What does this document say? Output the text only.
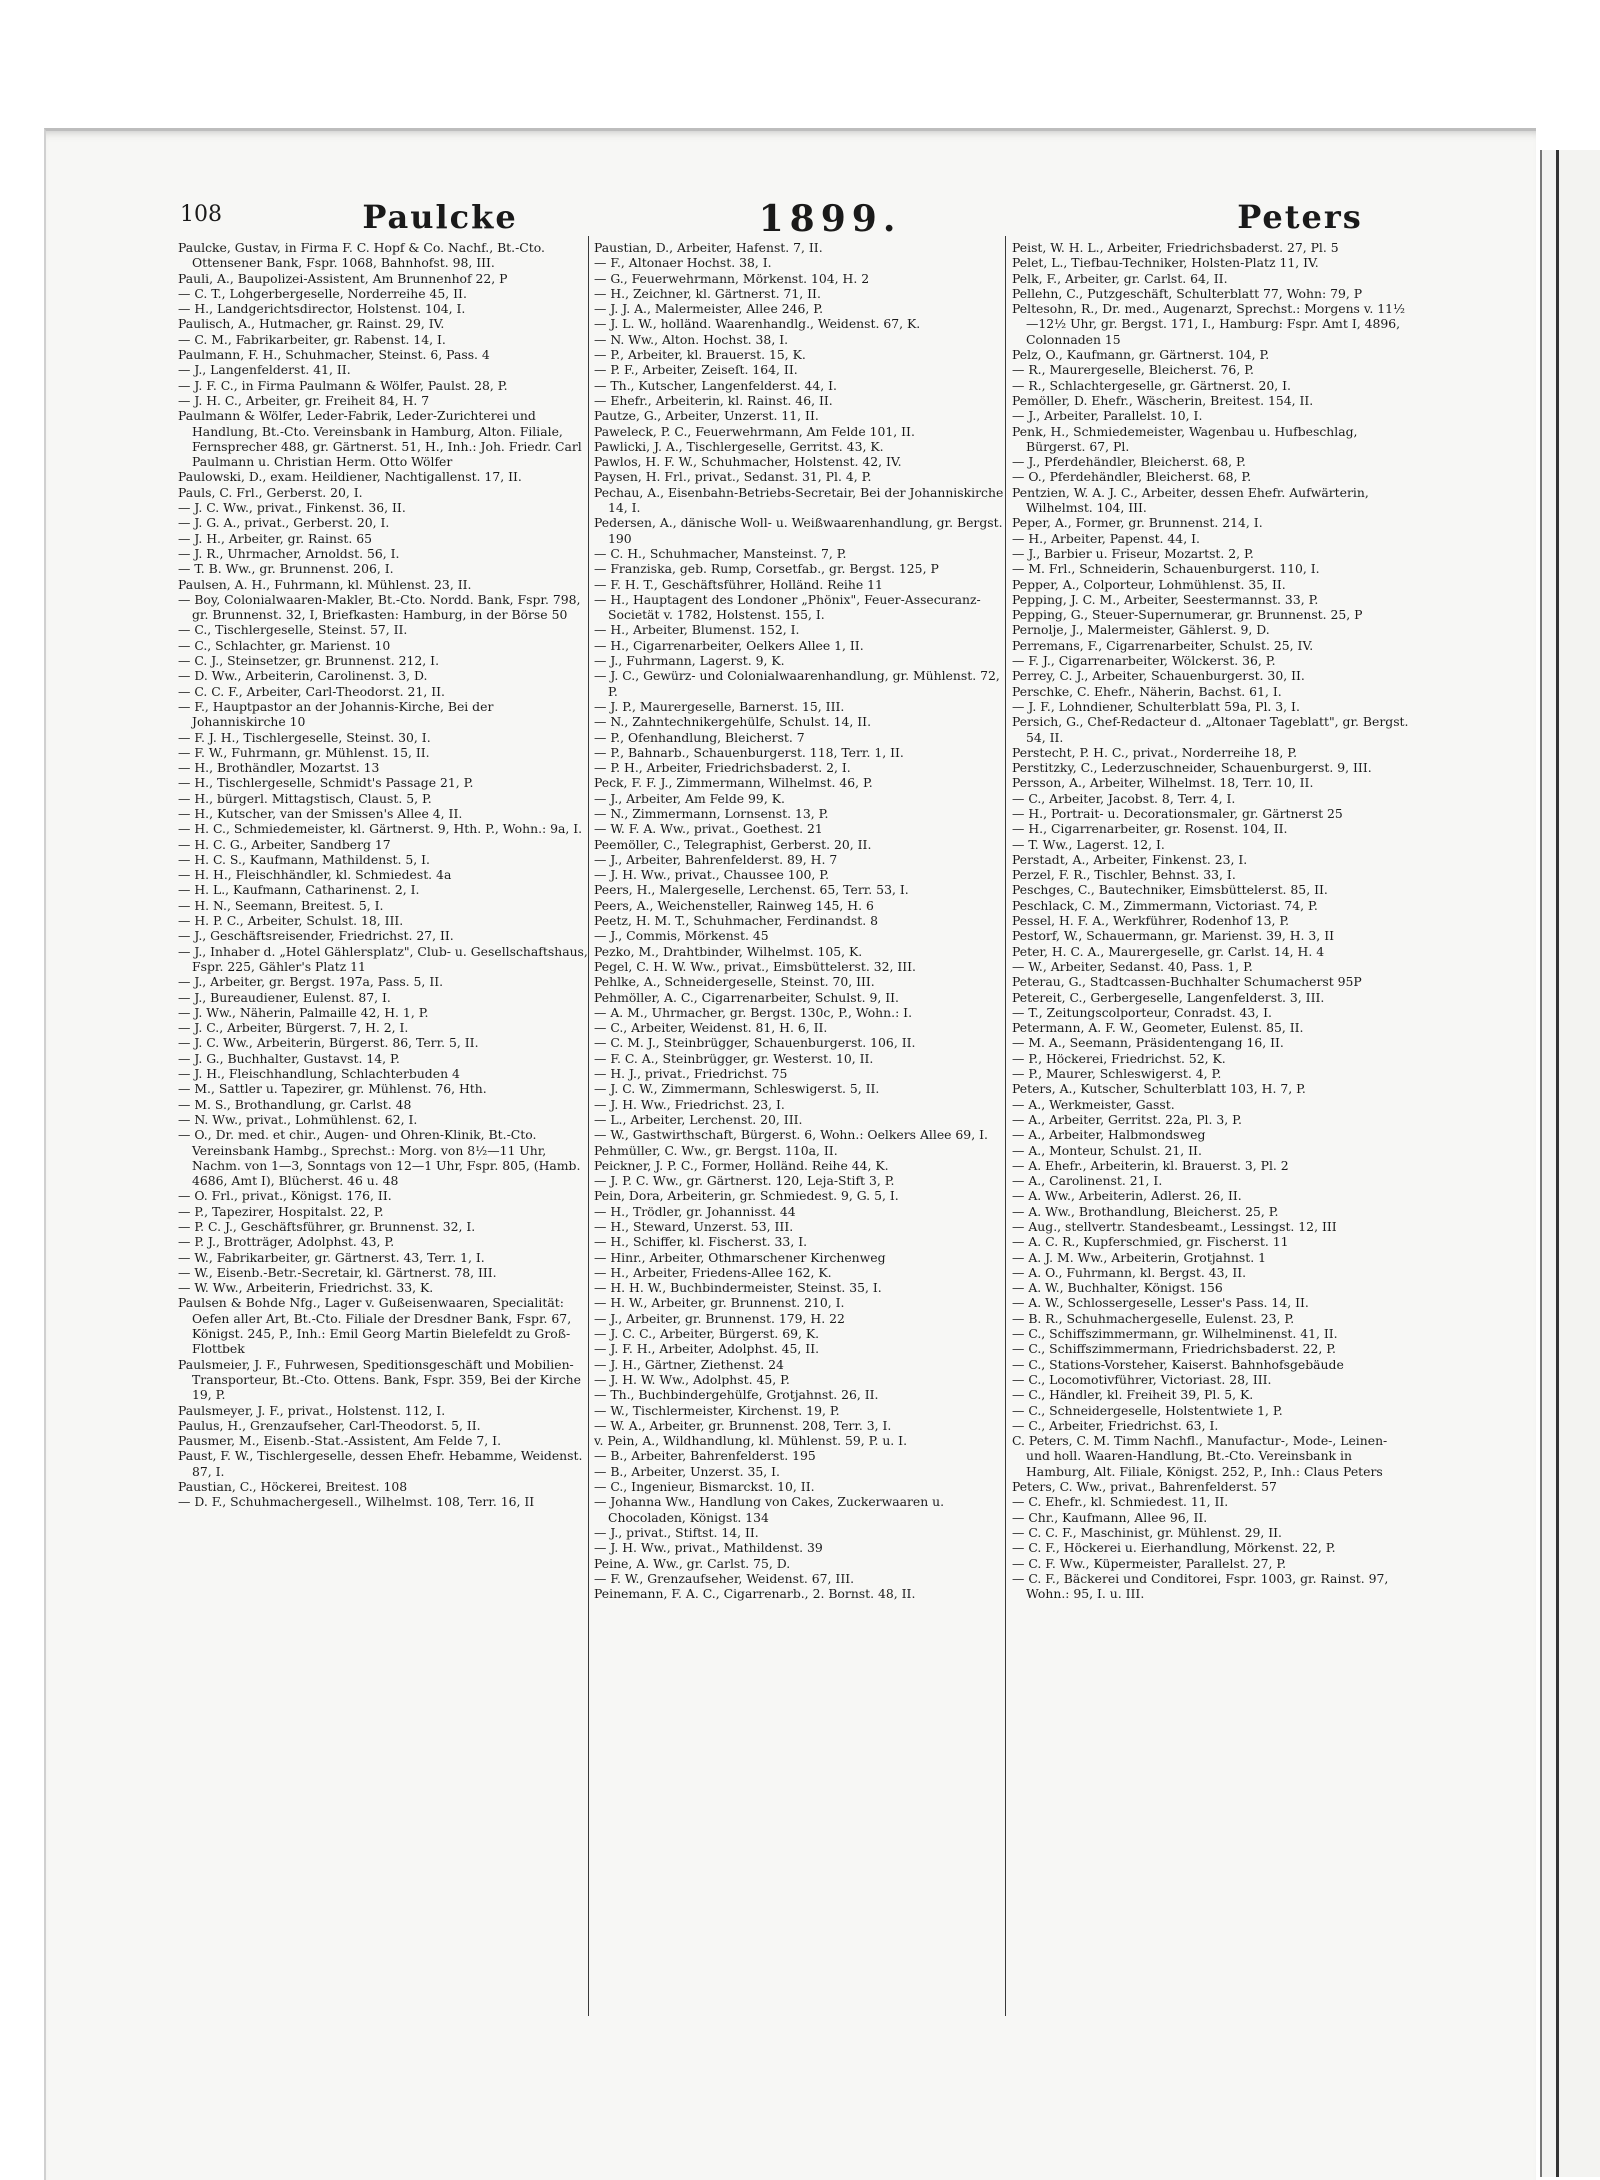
108	Paulcke	1899.	Peters
Paulcke, Gustav, in Firma F. C. Hopf & Co. Nachf., Bt.-Cto. Ottensener Bank, Fspr. 1068, Bahnhofst. 98, III.
Pauli, A., Baupolizei-Assistent, Am Brunnenhof 22, P
— C. T., Lohgerbergeselle, Norderreihe 45, II.
— H., Landgerichtsdirector, Holstenst. 104, I.
Paulisch, A., Hutmacher, gr. Rainst. 29, IV.
— C. M., Fabrikarbeiter, gr. Rabenst. 14, I.
Paulmann, F. H., Schuhmacher, Steinst. 6, Pass. 4
— J., Langenfelderst. 41, II.
— J. F. C., in Firma Paulmann & Wölfer, Paulst. 28, P.
— J. H. C., Arbeiter, gr. Freiheit 84, H. 7
Paulmann & Wölfer, Leder-Fabrik, Leder-Zurichterei und Handlung, Bt.-Cto. Vereinsbank in Hamburg, Alton. Filiale, Fernsprecher 488, gr. Gärtnerst. 51, H., Inh.: Joh. Friedr. Carl Paulmann u. Christian Herm. Otto Wölfer
Paulowski, D., exam. Heildiener, Nachtigallenst. 17, II.
Pauls, C. Frl., Gerberst. 20, I.
— J. C. Ww., privat., Finkenst. 36, II.
— J. G. A., privat., Gerberst. 20, I.
— J. H., Arbeiter, gr. Rainst. 65
— J. R., Uhrmacher, Arnoldst. 56, I.
— T. B. Ww., gr. Brunnenst. 206, I.
Paulsen, A. H., Fuhrmann, kl. Mühlenst. 23, II.
— Boy, Colonialwaaren-Makler, Bt.-Cto. Nordd. Bank, Fspr. 798, gr. Brunnenst. 32, I, Briefkasten: Hamburg, in der Börse 50
— C., Tischlergeselle, Steinst. 57, II.
— C., Schlachter, gr. Marienst. 10
— C. J., Steinsetzer, gr. Brunnenst. 212, I.
— D. Ww., Arbeiterin, Carolinenst. 3, D.
— C. C. F., Arbeiter, Carl-Theodorst. 21, II.
— F., Hauptpastor an der Johannis-Kirche, Bei der Johanniskirche 10
— F. J. H., Tischlergeselle, Steinst. 30, I.
— F. W., Fuhrmann, gr. Mühlenst. 15, II.
— H., Brothändler, Mozartst. 13
— H., Tischlergeselle, Schmidt's Passage 21, P.
— H., bürgerl. Mittagstisch, Claust. 5, P.
— H., Kutscher, van der Smissen's Allee 4, II.
— H. C., Schmiedemeister, kl. Gärtnerst. 9, Hth. P., Wohn.: 9a, I.
— H. C. G., Arbeiter, Sandberg 17
— H. C. S., Kaufmann, Mathildenst. 5, I.
— H. H., Fleischhändler, kl. Schmiedest. 4a
— H. L., Kaufmann, Catharinenst. 2, I.
— H. N., Seemann, Breitest. 5, I.
— H. P. C., Arbeiter, Schulst. 18, III.
— J., Geschäftsreisender, Friedrichst. 27, II.
— J., Inhaber d. „Hotel Gählersplatz", Club- u. Gesellschaftshaus, Fspr. 225, Gähler's Platz 11
— J., Arbeiter, gr. Bergst. 197a, Pass. 5, II.
— J., Bureaudiener, Eulenst. 87, I.
— J. Ww., Näherin, Palmaille 42, H. 1, P.
— J. C., Arbeiter, Bürgerst. 7, H. 2, I.
— J. C. Ww., Arbeiterin, Bürgerst. 86, Terr. 5, II.
— J. G., Buchhalter, Gustavst. 14, P.
— J. H., Fleischhandlung, Schlachterbuden 4
— M., Sattler u. Tapezirer, gr. Mühlenst. 76, Hth.
— M. S., Brothandlung, gr. Carlst. 48
— N. Ww., privat., Lohmühlenst. 62, I.
— O., Dr. med. et chir., Augen- und Ohren-Klinik, Bt.-Cto. Vereinsbank Hambg., Sprechst.: Morg. von 8½—11 Uhr, Nachm. von 1—3, Sonntags von 12—1 Uhr, Fspr. 805, (Hamb. 4686, Amt I), Blücherst. 46 u. 48
— O. Frl., privat., Königst. 176, II.
— P., Tapezirer, Hospitalst. 22, P.
— P. C. J., Geschäftsführer, gr. Brunnenst. 32, I.
— P. J., Brotträger, Adolphst. 43, P.
— W., Fabrikarbeiter, gr. Gärtnerst. 43, Terr. 1, I.
— W., Eisenb.-Betr.-Secretair, kl. Gärtnerst. 78, III.
— W. Ww., Arbeiterin, Friedrichst. 33, K.
Paulsen & Bohde Nfg., Lager v. Gußeisenwaaren, Specialität: Oefen aller Art, Bt.-Cto. Filiale der Dresdner Bank, Fspr. 67, Königst. 245, P., Inh.: Emil Georg Martin Bielefeldt zu Groß-Flottbek
Paulsmeier, J. F., Fuhrwesen, Speditionsgeschäft und Mobilien-Transporteur, Bt.-Cto. Ottens. Bank, Fspr. 359, Bei der Kirche 19, P.
Paulsmeyer, J. F., privat., Holstenst. 112, I.
Paulus, H., Grenzaufseher, Carl-Theodorst. 5, II.
Pausmer, M., Eisenb.-Stat.-Assistent, Am Felde 7, I.
Paust, F. W., Tischlergeselle, dessen Ehefr. Hebamme, Weidenst. 87, I.
Paustian, C., Höckerei, Breitest. 108
— D. F., Schuhmachergesell., Wilhelmst. 108, Terr. 16, II
Paustian, D., Arbeiter, Hafenst. 7, II.
— F., Altonaer Hochst. 38, I.
— G., Feuerwehrmann, Mörkenst. 104, H. 2
— H., Zeichner, kl. Gärtnerst. 71, II.
— J. J. A., Malermeister, Allee 246, P.
— J. L. W., holländ. Waarenhandlg., Weidenst. 67, K.
— N. Ww., Alton. Hochst. 38, I.
— P., Arbeiter, kl. Brauerst. 15, K.
— P. F., Arbeiter, Zeiseſt. 164, II.
— Th., Kutscher, Langenfelderst. 44, I.
— Ehefr., Arbeiterin, kl. Rainst. 46, II.
Pautze, G., Arbeiter, Unzerst. 11, II.
Paweleck, P. C., Feuerwehrmann, Am Felde 101, II.
Pawlicki, J. A., Tischlergeselle, Gerritst. 43, K.
Pawlos, H. F. W., Schuhmacher, Holstenst. 42, IV.
Paysen, H. Frl., privat., Sedanst. 31, Pl. 4, P.
Pechau, A., Eisenbahn-Betriebs-Secretair, Bei der Johanniskirche 14, I.
Pedersen, A., dänische Woll- u. Weißwaarenhandlung, gr. Bergst. 190
— C. H., Schuhmacher, Mansteinst. 7, P.
— Franziska, geb. Rump, Corsetfab., gr. Bergst. 125, P
— F. H. T., Geschäftsführer, Holländ. Reihe 11
— H., Hauptagent des Londoner „Phönix", Feuer-Assecuranz-Societät v. 1782, Holstenst. 155, I.
— H., Arbeiter, Blumenst. 152, I.
— H., Cigarrenarbeiter, Oelkers Allee 1, II.
— J., Fuhrmann, Lagerst. 9, K.
— J. C., Gewürz- und Colonialwaarenhandlung, gr. Mühlenst. 72, P.
— J. P., Maurergeselle, Barnerst. 15, III.
— N., Zahntechnikergehülfe, Schulst. 14, II.
— P., Ofenhandlung, Bleicherst. 7
— P., Bahnarb., Schauenburgerst. 118, Terr. 1, II.
— P. H., Arbeiter, Friedrichsbaderst. 2, I.
Peck, F. F. J., Zimmermann, Wilhelmst. 46, P.
— J., Arbeiter, Am Felde 99, K.
— N., Zimmermann, Lornsenst. 13, P.
— W. F. A. Ww., privat., Goethest. 21
Peemöller, C., Telegraphist, Gerberst. 20, II.
— J., Arbeiter, Bahrenfelderst. 89, H. 7
— J. H. Ww., privat., Chaussee 100, P.
Peers, H., Malergeselle, Lerchenst. 65, Terr. 53, I.
Peers, A., Weichensteller, Rainweg 145, H. 6
Peetz, H. M. T., Schuhmacher, Ferdinandst. 8
— J., Commis, Mörkenst. 45
Pezko, M., Drahtbinder, Wilhelmst. 105, K.
Pegel, C. H. W. Ww., privat., Eimsbüttelerst. 32, III.
Pehlke, A., Schneidergeselle, Steinst. 70, III.
Pehmöller, A. C., Cigarrenarbeiter, Schulst. 9, II.
— A. M., Uhrmacher, gr. Bergst. 130c, P., Wohn.: I.
— C., Arbeiter, Weidenst. 81, H. 6, II.
— C. M. J., Steinbrügger, Schauenburgerst. 106, II.
— F. C. A., Steinbrügger, gr. Westerst. 10, II.
— H. J., privat., Friedrichst. 75
— J. C. W., Zimmermann, Schleswigerst. 5, II.
— J. H. Ww., Friedrichst. 23, I.
— L., Arbeiter, Lerchenst. 20, III.
— W., Gastwirthschaft, Bürgerst. 6, Wohn.: Oelkers Allee 69, I.
Pehmüller, C. Ww., gr. Bergst. 110a, II.
Peickner, J. P. C., Former, Holländ. Reihe 44, K.
— J. P. C. Ww., gr. Gärtnerst. 120, Leja-Stift 3, P.
Pein, Dora, Arbeiterin, gr. Schmiedest. 9, G. 5, I.
— H., Trödler, gr. Johannisst. 44
— H., Steward, Unzerst. 53, III.
— H., Schiffer, kl. Fischerst. 33, I.
— Hinr., Arbeiter, Othmarschener Kirchenweg
— H., Arbeiter, Friedens-Allee 162, K.
— H. H. W., Buchbindermeister, Steinst. 35, I.
— H. W., Arbeiter, gr. Brunnenst. 210, I.
— J., Arbeiter, gr. Brunnenst. 179, H. 22
— J. C. C., Arbeiter, Bürgerst. 69, K.
— J. F. H., Arbeiter, Adolphst. 45, II.
— J. H., Gärtner, Ziethenst. 24
— J. H. W. Ww., Adolphst. 45, P.
— Th., Buchbindergehülfe, Grotjahnst. 26, II.
— W., Tischlermeister, Kirchenst. 19, P.
— W. A., Arbeiter, gr. Brunnenst. 208, Terr. 3, I.
v. Pein, A., Wildhandlung, kl. Mühlenst. 59, P. u. I.
— B., Arbeiter, Bahrenfelderst. 195
— B., Arbeiter, Unzerst. 35, I.
— C., Ingenieur, Bismarckst. 10, II.
— Johanna Ww., Handlung von Cakes, Zuckerwaaren u. Chocoladen, Königst. 134
— J., privat., Stiftst. 14, II.
— J. H. Ww., privat., Mathildenst. 39
Peine, A. Ww., gr. Carlst. 75, D.
— F. W., Grenzaufseher, Weidenst. 67, III.
Peinemann, F. A. C., Cigarrenarb., 2. Bornst. 48, II.
Peist, W. H. L., Arbeiter, Friedrichsbaderst. 27, Pl. 5
Pelet, L., Tiefbau-Techniker, Holsten-Platz 11, IV.
Pelk, F., Arbeiter, gr. Carlst. 64, II.
Pellehn, C., Putzgeschäft, Schulterblatt 77, Wohn: 79, P
Peltesohn, R., Dr. med., Augenarzt, Sprechst.: Morgens v. 11½—12½ Uhr, gr. Bergst. 171, I., Hamburg: Fspr. Amt I, 4896, Colonnaden 15
Pelz, O., Kaufmann, gr. Gärtnerst. 104, P.
— R., Maurergeselle, Bleicherst. 76, P.
— R., Schlachtergeselle, gr. Gärtnerst. 20, I.
Pemöller, D. Ehefr., Wäscherin, Breitest. 154, II.
— J., Arbeiter, Parallelst. 10, I.
Penk, H., Schmiedemeister, Wagenbau u. Hufbeschlag, Bürgerst. 67, Pl.
— J., Pferdehändler, Bleicherst. 68, P.
— O., Pferdehändler, Bleicherst. 68, P.
Pentzien, W. A. J. C., Arbeiter, dessen Ehefr. Aufwärterin, Wilhelmst. 104, III.
Peper, A., Former, gr. Brunnenst. 214, I.
— H., Arbeiter, Papenst. 44, I.
— J., Barbier u. Friseur, Mozartst. 2, P.
— M. Frl., Schneiderin, Schauenburgerst. 110, I.
Pepper, A., Colporteur, Lohmühlenst. 35, II.
Pepping, J. C. M., Arbeiter, Seestermannst. 33, P.
Pepping, G., Steuer-Supernumerar, gr. Brunnenst. 25, P
Pernolje, J., Malermeister, Gählerst. 9, D.
Perremans, F., Cigarrenarbeiter, Schulst. 25, IV.
— F. J., Cigarrenarbeiter, Wölckerst. 36, P.
Perrey, C. J., Arbeiter, Schauenburgerst. 30, II.
Perschke, C. Ehefr., Näherin, Bachst. 61, I.
— J. F., Lohndiener, Schulterblatt 59a, Pl. 3, I.
Persich, G., Chef-Redacteur d. „Altonaer Tageblatt", gr. Bergst. 54, II.
Perstecht, P. H. C., privat., Norderreihe 18, P.
Perstitzky, C., Lederzuschneider, Schauenburgerst. 9, III.
Persson, A., Arbeiter, Wilhelmst. 18, Terr. 10, II.
— C., Arbeiter, Jacobst. 8, Terr. 4, I.
— H., Portrait- u. Decorationsmaler, gr. Gärtnerst 25
— H., Cigarrenarbeiter, gr. Rosenst. 104, II.
— T. Ww., Lagerst. 12, I.
Perstadt, A., Arbeiter, Finkenst. 23, I.
Perzel, F. R., Tischler, Behnst. 33, I.
Peschges, C., Bautechniker, Eimsbüttelerst. 85, II.
Peschlack, C. M., Zimmermann, Victoriast. 74, P.
Pessel, H. F. A., Werkführer, Rodenhof 13, P.
Pestorf, W., Schauermann, gr. Marienst. 39, H. 3, II
Peter, H. C. A., Maurergeselle, gr. Carlst. 14, H. 4
— W., Arbeiter, Sedanst. 40, Pass. 1, P.
Peterau, G., Stadtcassen-Buchhalter Schumacherst 95P
Petereit, C., Gerbergeselle, Langenfelderst. 3, III.
— T., Zeitungscolporteur, Conradst. 43, I.
Petermann, A. F. W., Geometer, Eulenst. 85, II.
— M. A., Seemann, Präsidentengang 16, II.
— P., Höckerei, Friedrichst. 52, K.
— P., Maurer, Schleswigerst. 4, P.
Peters, A., Kutscher, Schulterblatt 103, H. 7, P.
— A., Werkmeister, Gasst.
— A., Arbeiter, Gerritst. 22a, Pl. 3, P.
— A., Arbeiter, Halbmondsweg
— A., Monteur, Schulst. 21, II.
— A. Ehefr., Arbeiterin, kl. Brauerst. 3, Pl. 2
— A., Carolinenst. 21, I.
— A. Ww., Arbeiterin, Adlerst. 26, II.
— A. Ww., Brothandlung, Bleicherst. 25, P.
— Aug., stellvertr. Standesbeamt., Lessingst. 12, III
— A. C. R., Kupferschmied, gr. Fischerst. 11
— A. J. M. Ww., Arbeiterin, Grotjahnst. 1
— A. O., Fuhrmann, kl. Bergst. 43, II.
— A. W., Buchhalter, Königst. 156
— A. W., Schlossergeselle, Lesser's Pass. 14, II.
— B. R., Schuhmachergeselle, Eulenst. 23, P.
— C., Schiffszimmermann, gr. Wilhelminenst. 41, II.
— C., Schiffszimmermann, Friedrichsbaderst. 22, P.
— C., Stations-Vorsteher, Kaiserst. Bahnhofsgebäude
— C., Locomotivführer, Victoriast. 28, III.
— C., Händler, kl. Freiheit 39, Pl. 5, K.
— C., Schneidergeselle, Holstentwiete 1, P.
— C., Arbeiter, Friedrichst. 63, I.
C. Peters, C. M. Timm Nachfl., Manufactur-, Mode-, Leinen- und holl. Waaren-Handlung, Bt.-Cto. Vereinsbank in Hamburg, Alt. Filiale, Königst. 252, P., Inh.: Claus Peters
Peters, C. Ww., privat., Bahrenfelderst. 57
— C. Ehefr., kl. Schmiedest. 11, II.
— Chr., Kaufmann, Allee 96, II.
— C. C. F., Maschinist, gr. Mühlenst. 29, II.
— C. F., Höckerei u. Eierhandlung, Mörkenst. 22, P.
— C. F. Ww., Küpermeister, Parallelst. 27, P.
— C. F., Bäckerei und Conditorei, Fspr. 1003, gr. Rainst. 97, Wohn.: 95, I. u. III.
